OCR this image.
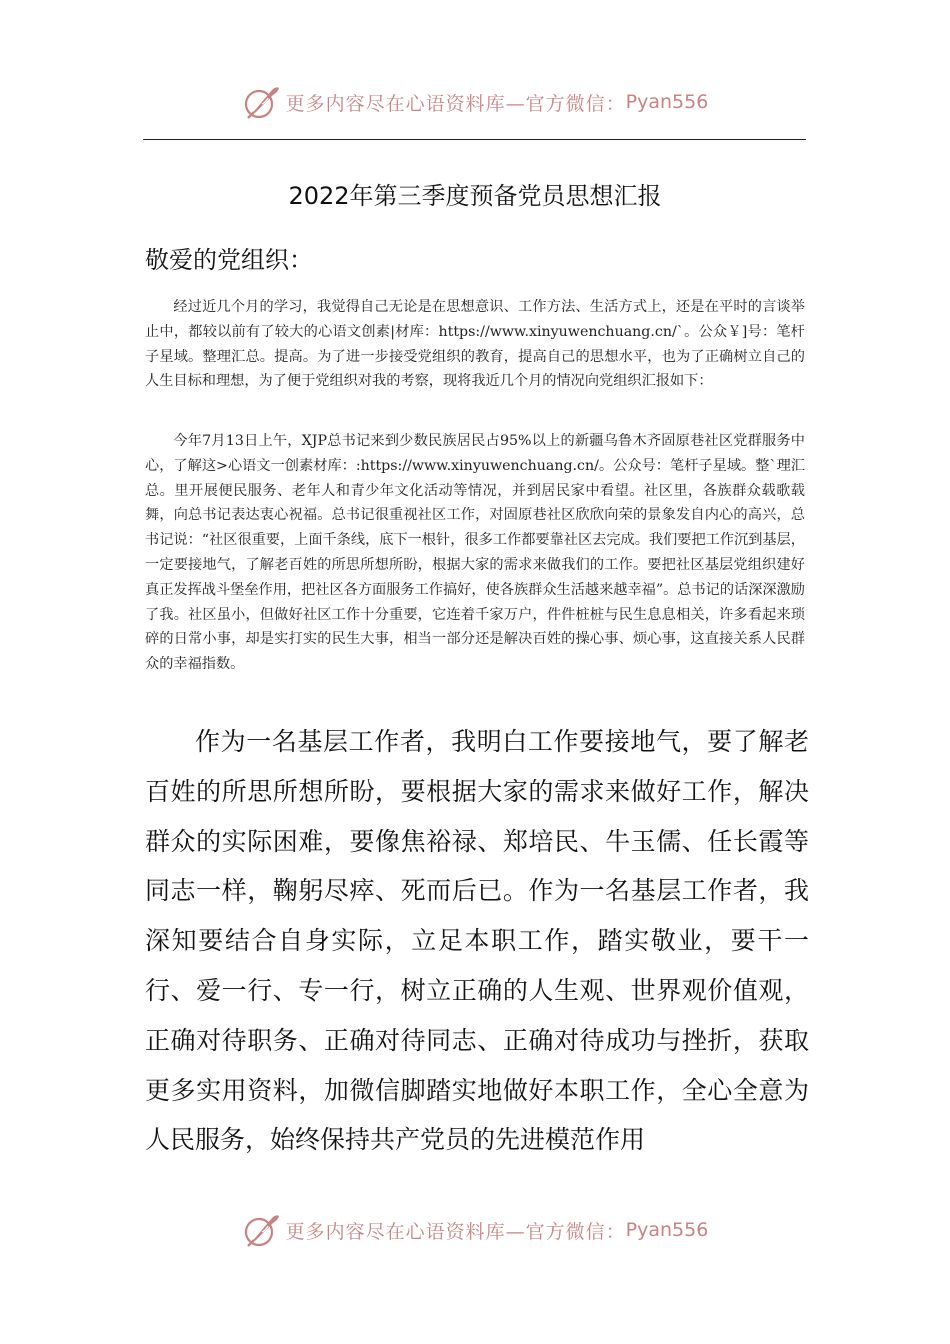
更多内容尽在心语资料库—官方微信： Pyan556
2022年第三季度预备党员思想汇报
敬爱的党组织：
经过近几个月的学习，我觉得自己无论是在思想意识、工作方法、生活方式上，还是在平时的言谈举止中，都较以前有了较大的心语文创素|材库：https://www.xinyuwenchuang.cn/`。公众￥]号：笔杆子星域。整理汇总。提高。为了进一步接受党组织的教育，提高自己的思想水平，也为了正确树立自己的人生目标和理想，为了便于党组织对我的考察，现将我近几个月的情况向党组织汇报如下：
今年7月13日上午，XJP总书记来到少数民族居民占95%以上的新疆乌鲁木齐固原巷社区党群服务中心，了解这>心语文一创素材库：:https://www.xinyuwenchuang.cn/。公众号：笔杆子星域。整`理汇总。里开展便民服务、老年人和青少年文化活动等情况，并到居民家中看望。社区里，各族群众载歌载舞，向总书记表达衷心祝福。总书记很重视社区工作，对固原巷社区欣欣向荣的景象发自内心的高兴，总书记说：“社区很重要，上面千条线，底下一根针，很多工作都要靠社区去完成。我们要把工作沉到基层，一定要接地气，了解老百姓的所思所想所盼，根据大家的需求来做我们的工作。要把社区基层党组织建好真正发挥战斗堡垒作用，把社区各方面服务工作搞好，使各族群众生活越来越幸福”。总书记的话深深激励了我。社区虽小，但做好社区工作十分重要，它连着千家万户，件件桩桩与民生息息相关，许多看起来琐碎的日常小事，却是实打实的民生大事，相当一部分还是解决百姓的操心事、烦心事，这直接关系人民群众的幸福指数。
作为一名基层工作者，我明白工作要接地气，要了解老百姓的所思所想所盼，要根据大家的需求来做好工作，解决群众的实际困难，要像焦裕禄、郑培民、牛玉儒、任长霞等同志一样，鞠躬尽瘁、死而后已。作为一名基层工作者，我深知要结合自身实际，立足本职工作，踏实敬业，要干一行、爱一行、专一行，树立正确的人生观、世界观价值观，正确对待职务、正确对待同志、正确对待成功与挫折，获取更多实用资料，加微信脚踏实地做好本职工作，全心全意为人民服务，始终保持共产党员的先进模范作用
更多内容尽在心语资料库—官方微信： Pyan556
